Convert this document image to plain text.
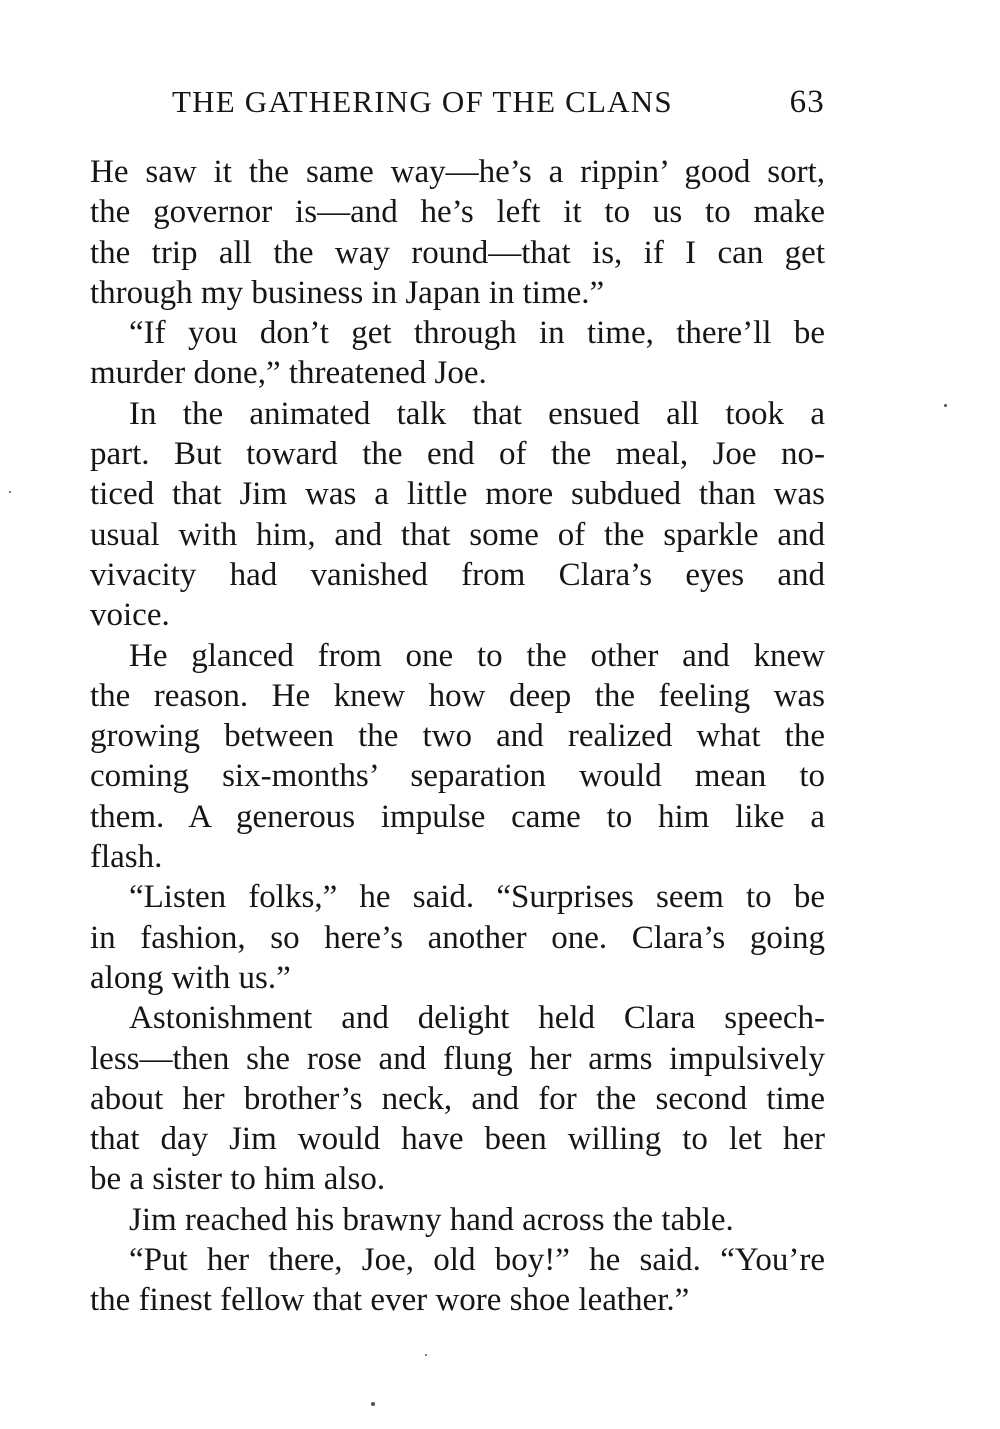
THE GATHERING OF THE CLANS	63
He saw it the same way—he’s a rippin’ good sort,
the governor is—and he’s left it to us to make
the trip all the way round—that is, if I can get
through my business in Japan in time.”
“If you don’t get through in time, there’ll be
murder done,” threatened Joe.
In the animated talk that ensued all took a
part. But toward the end of the meal, Joe no-
ticed that Jim was a little more subdued than was
usual with him, and that some of the sparkle and
vivacity had vanished from Clara’s eyes and
voice.
He glanced from one to the other and knew
the reason. He knew how deep the feeling was
growing between the two and realized what the
coming six-months’ separation would mean to
them. A generous impulse came to him like a
flash.
“Listen folks,” he said. “Surprises seem to be
in fashion, so here’s another one. Clara’s going
along with us.”
Astonishment and delight held Clara speech-
less—then she rose and flung her arms impulsively
about her brother’s neck, and for the second time
that day Jim would have been willing to let her
be a sister to him also.
Jim reached his brawny hand across the table.
“Put her there, Joe, old boy!” he said. “You’re
the finest fellow that ever wore shoe leather.”
